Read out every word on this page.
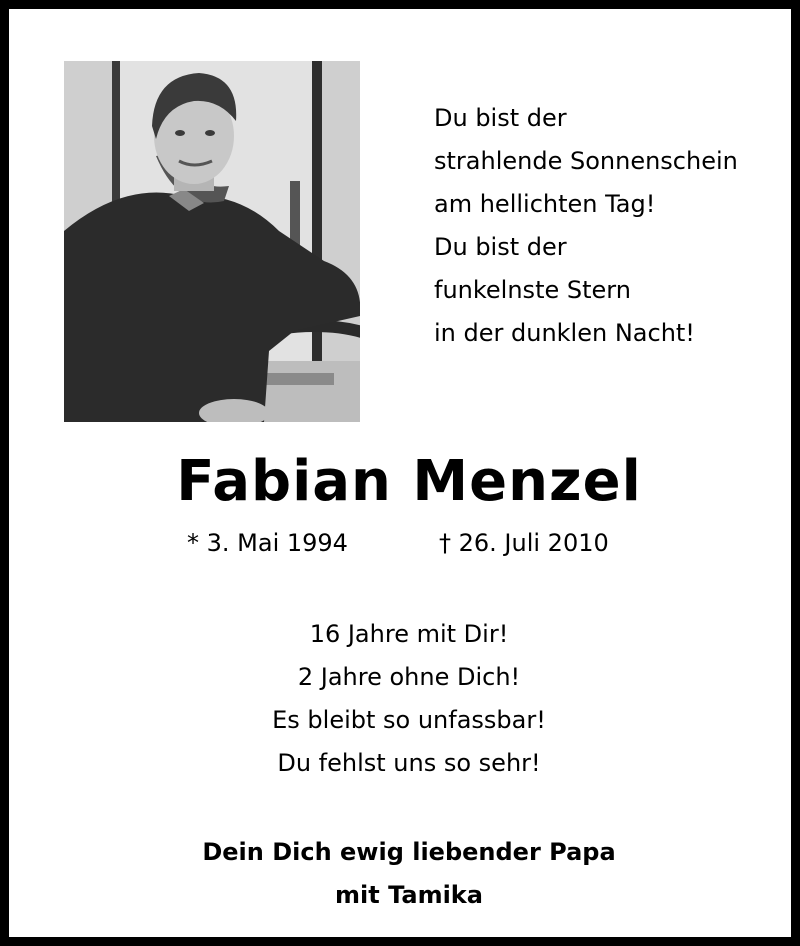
Du bist der
strahlende Sonnenschein
am hellichten Tag!
Du bist der
funkelnste Stern
in der dunklen Nacht!
Fabian Menzel
* 3. Mai 1994	† 26. Juli 2010
16 Jahre mit Dir!
2 Jahre ohne Dich!
Es bleibt so unfassbar!
Du fehlst uns so sehr!
Dein Dich ewig liebender Papa
mit Tamika
